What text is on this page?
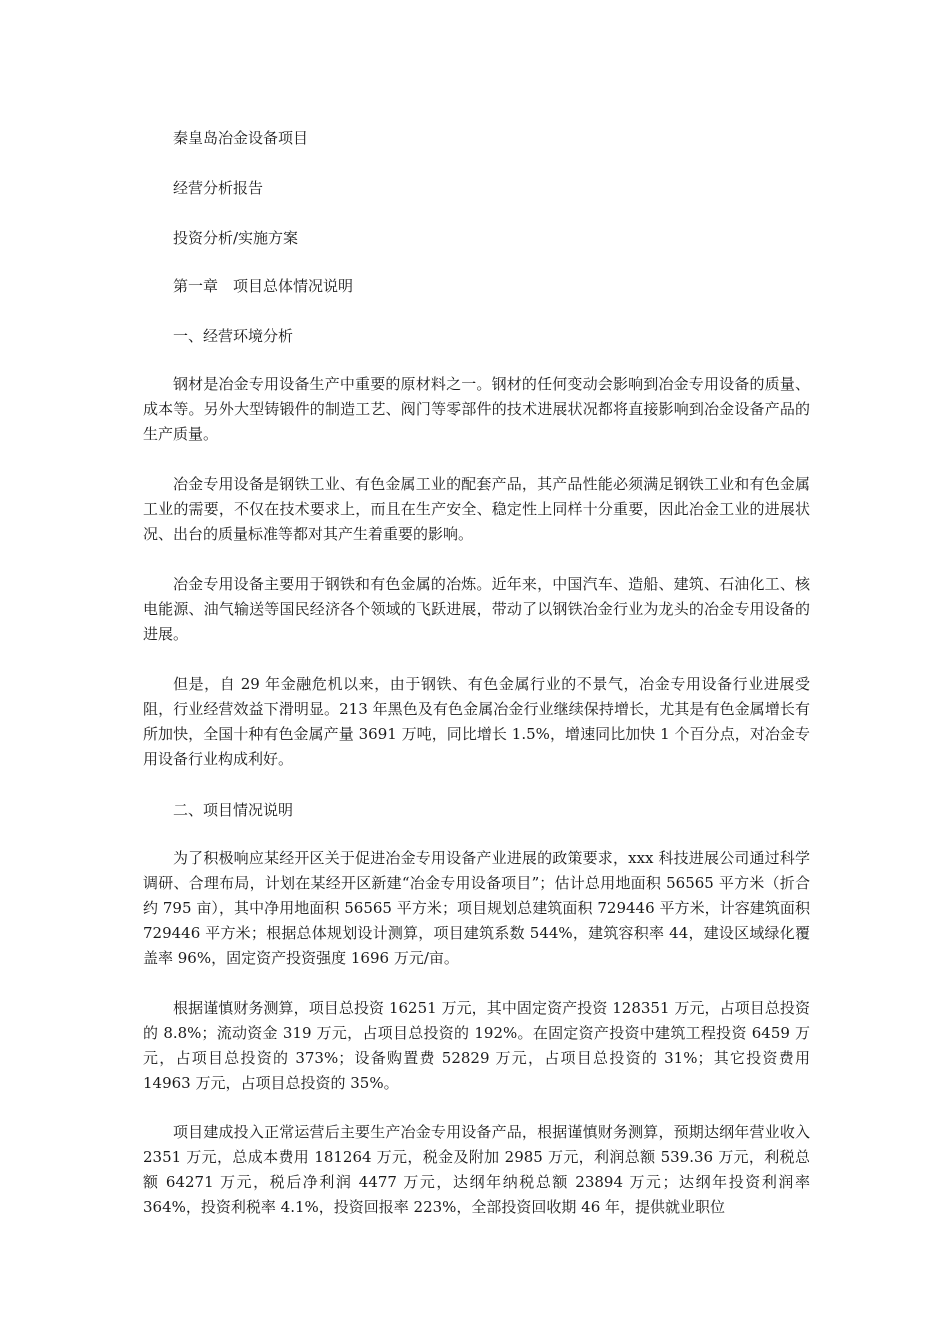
秦皇岛冶金设备项目

经营分析报告

投资分析/实施方案

第一章　项目总体情况说明

一、经营环境分析

钢材是冶金专用设备生产中重要的原材料之一。钢材的任何变动会影响到冶金专用设备的质量、成本等。另外大型铸锻件的制造工艺、阀门等零部件的技术进展状况都将直接影响到冶金设备产品的生产质量。

冶金专用设备是钢铁工业、有色金属工业的配套产品，其产品性能必须满足钢铁工业和有色金属工业的需要，不仅在技术要求上，而且在生产安全、稳定性上同样十分重要，因此冶金工业的进展状况、出台的质量标准等都对其产生着重要的影响。

冶金专用设备主要用于钢铁和有色金属的冶炼。近年来，中国汽车、造船、建筑、石油化工、核电能源、油气输送等国民经济各个领域的飞跃进展，带动了以钢铁冶金行业为龙头的冶金专用设备的进展。

但是，自 29 年金融危机以来，由于钢铁、有色金属行业的不景气，冶金专用设备行业进展受阻，行业经营效益下滑明显。213 年黑色及有色金属冶金行业继续保持增长，尤其是有色金属增长有所加快，全国十种有色金属产量 3691 万吨，同比增长 1.5%，增速同比加快 1 个百分点，对冶金专用设备行业构成利好。

二、项目情况说明

为了积极响应某经开区关于促进冶金专用设备产业进展的政策要求，xxx 科技进展公司通过科学调研、合理布局，计划在某经开区新建“冶金专用设备项目”；估计总用地面积 56565 平方米（折合约 795 亩），其中净用地面积 56565 平方米；项目规划总建筑面积 729446 平方米，计容建筑面积 729446 平方米；根据总体规划设计测算，项目建筑系数 544%，建筑容积率 44，建设区域绿化覆盖率 96%，固定资产投资强度 1696 万元/亩。

根据谨慎财务测算，项目总投资 16251 万元，其中固定资产投资 128351 万元，占项目总投资的 8.8%；流动资金 319 万元，占项目总投资的 192%。在固定资产投资中建筑工程投资 6459 万元，占项目总投资的 373%；设备购置费 52829 万元，占项目总投资的 31%；其它投资费用 14963 万元，占项目总投资的 35%。

项目建成投入正常运营后主要生产冶金专用设备产品，根据谨慎财务测算，预期达纲年营业收入 2351 万元，总成本费用 181264 万元，税金及附加 2985 万元，利润总额 539.36 万元，利税总额 64271 万元，税后净利润 4477 万元，达纲年纳税总额 23894 万元；达纲年投资利润率 364%，投资利税率 4.1%，投资回报率 223%，全部投资回收期 46 年，提供就业职位
